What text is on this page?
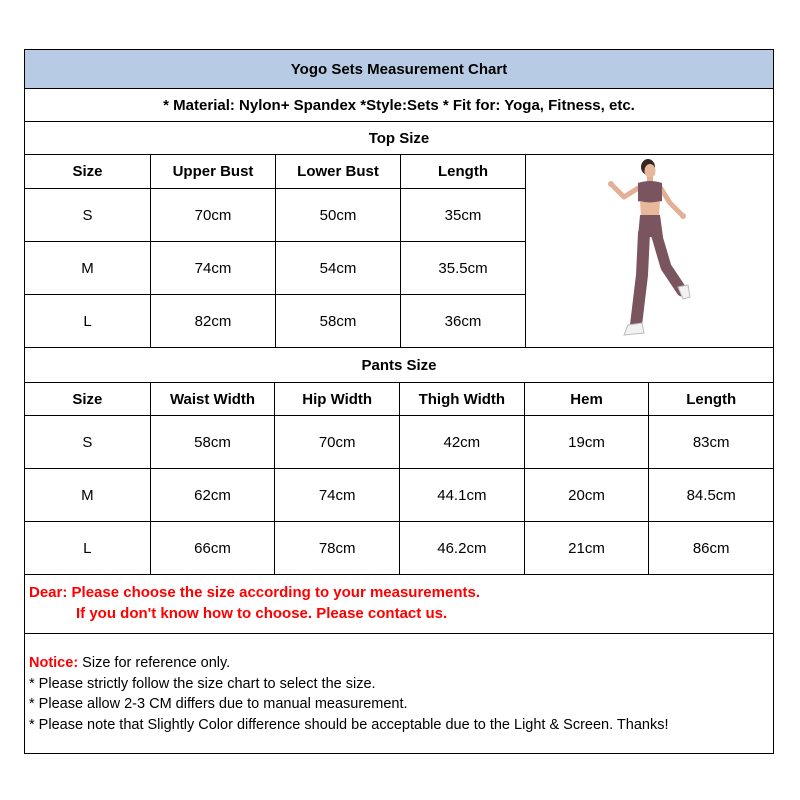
Yogo Sets Measurement Chart
* Material: Nylon+ Spandex *Style:Sets * Fit for: Yoga, Fitness, etc.
Top Size
Size	Upper Bust	Lower Bust	Length
S	70cm	50cm	35cm
M	74cm	54cm	35.5cm
L	82cm	58cm	36cm
Pants Size
Size	Waist Width	Hip Width	Thigh Width	Hem	Length
S	58cm	70cm	42cm	19cm	83cm
M	62cm	74cm	44.1cm	20cm	84.5cm
L	66cm	78cm	46.2cm	21cm	86cm
Dear: Please choose the size according to your measurements.
If you don't know how to choose. Please contact us.
Notice: Size for reference only.
* Please strictly follow the size chart to select the size.
* Please allow 2-3 CM differs due to manual measurement.
* Please note that Slightly Color difference should be acceptable due to the Light & Screen. Thanks!
